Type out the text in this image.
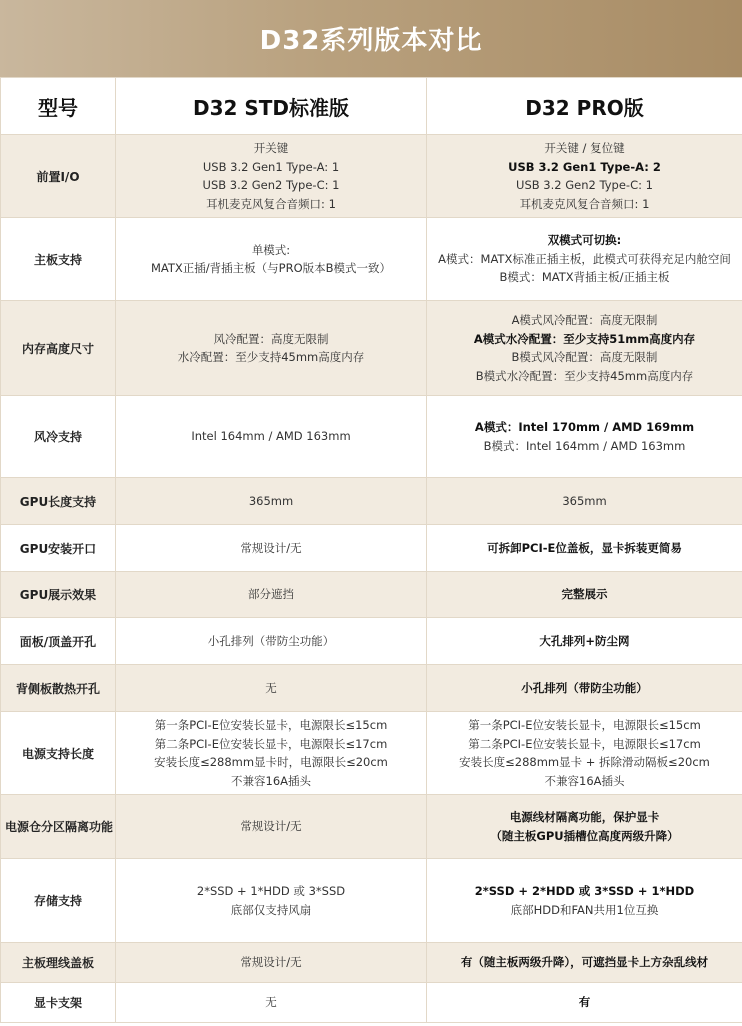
D32系列版本对比
型号	D32 STD标准版	D32 PRO版
前置I/O	开关键
USB 3.2 Gen1 Type-A: 1
USB 3.2 Gen2 Type-C: 1
耳机麦克风复合音频口: 1	开关键 / 复位键
USB 3.2 Gen1 Type-A: 2
USB 3.2 Gen2 Type-C: 1
耳机麦克风复合音频口: 1

主板支持	单模式:
MATX正插/背插主板（与PRO版本B模式一致）	双模式可切换:
A模式：MATX标准正插主板，此模式可获得充足内舱空间
B模式：MATX背插主板/正插主板

内存高度尺寸	风冷配置：高度无限制
水冷配置：至少支持45mm高度内存	A模式风冷配置：高度无限制
A模式水冷配置：至少支持51mm高度内存
B模式风冷配置：高度无限制
B模式水冷配置：至少支持45mm高度内存

风冷支持	Intel 164mm / AMD 163mm	A模式：Intel 170mm / AMD 169mm
B模式：Intel 164mm / AMD 163mm

GPU长度支持	365mm	365mm

GPU安装开口	常规设计/无	可拆卸PCI-E位盖板，显卡拆装更简易

GPU展示效果	部分遮挡	完整展示

面板/顶盖开孔	小孔排列（带防尘功能）	大孔排列+防尘网

背侧板散热开孔	无	小孔排列（带防尘功能）

电源支持长度	第一条PCI-E位安装长显卡，电源限长≤15cm
第二条PCI-E位安装长显卡，电源限长≤17cm
安装长度≤288mm显卡时，电源限长≤20cm
不兼容16A插头	第一条PCI-E位安装长显卡，电源限长≤15cm
第二条PCI-E位安装长显卡，电源限长≤17cm
安装长度≤288mm显卡 + 拆除滑动隔板≤20cm
不兼容16A插头

电源仓分区隔离功能	常规设计/无	电源线材隔离功能，保护显卡
（随主板GPU插槽位高度两级升降）

存储支持	2*SSD + 1*HDD 或 3*SSD
底部仅支持风扇	2*SSD + 2*HDD 或 3*SSD + 1*HDD
底部HDD和FAN共用1位互换

主板理线盖板	常规设计/无	有（随主板两级升降），可遮挡显卡上方杂乱线材

显卡支架	无	有
